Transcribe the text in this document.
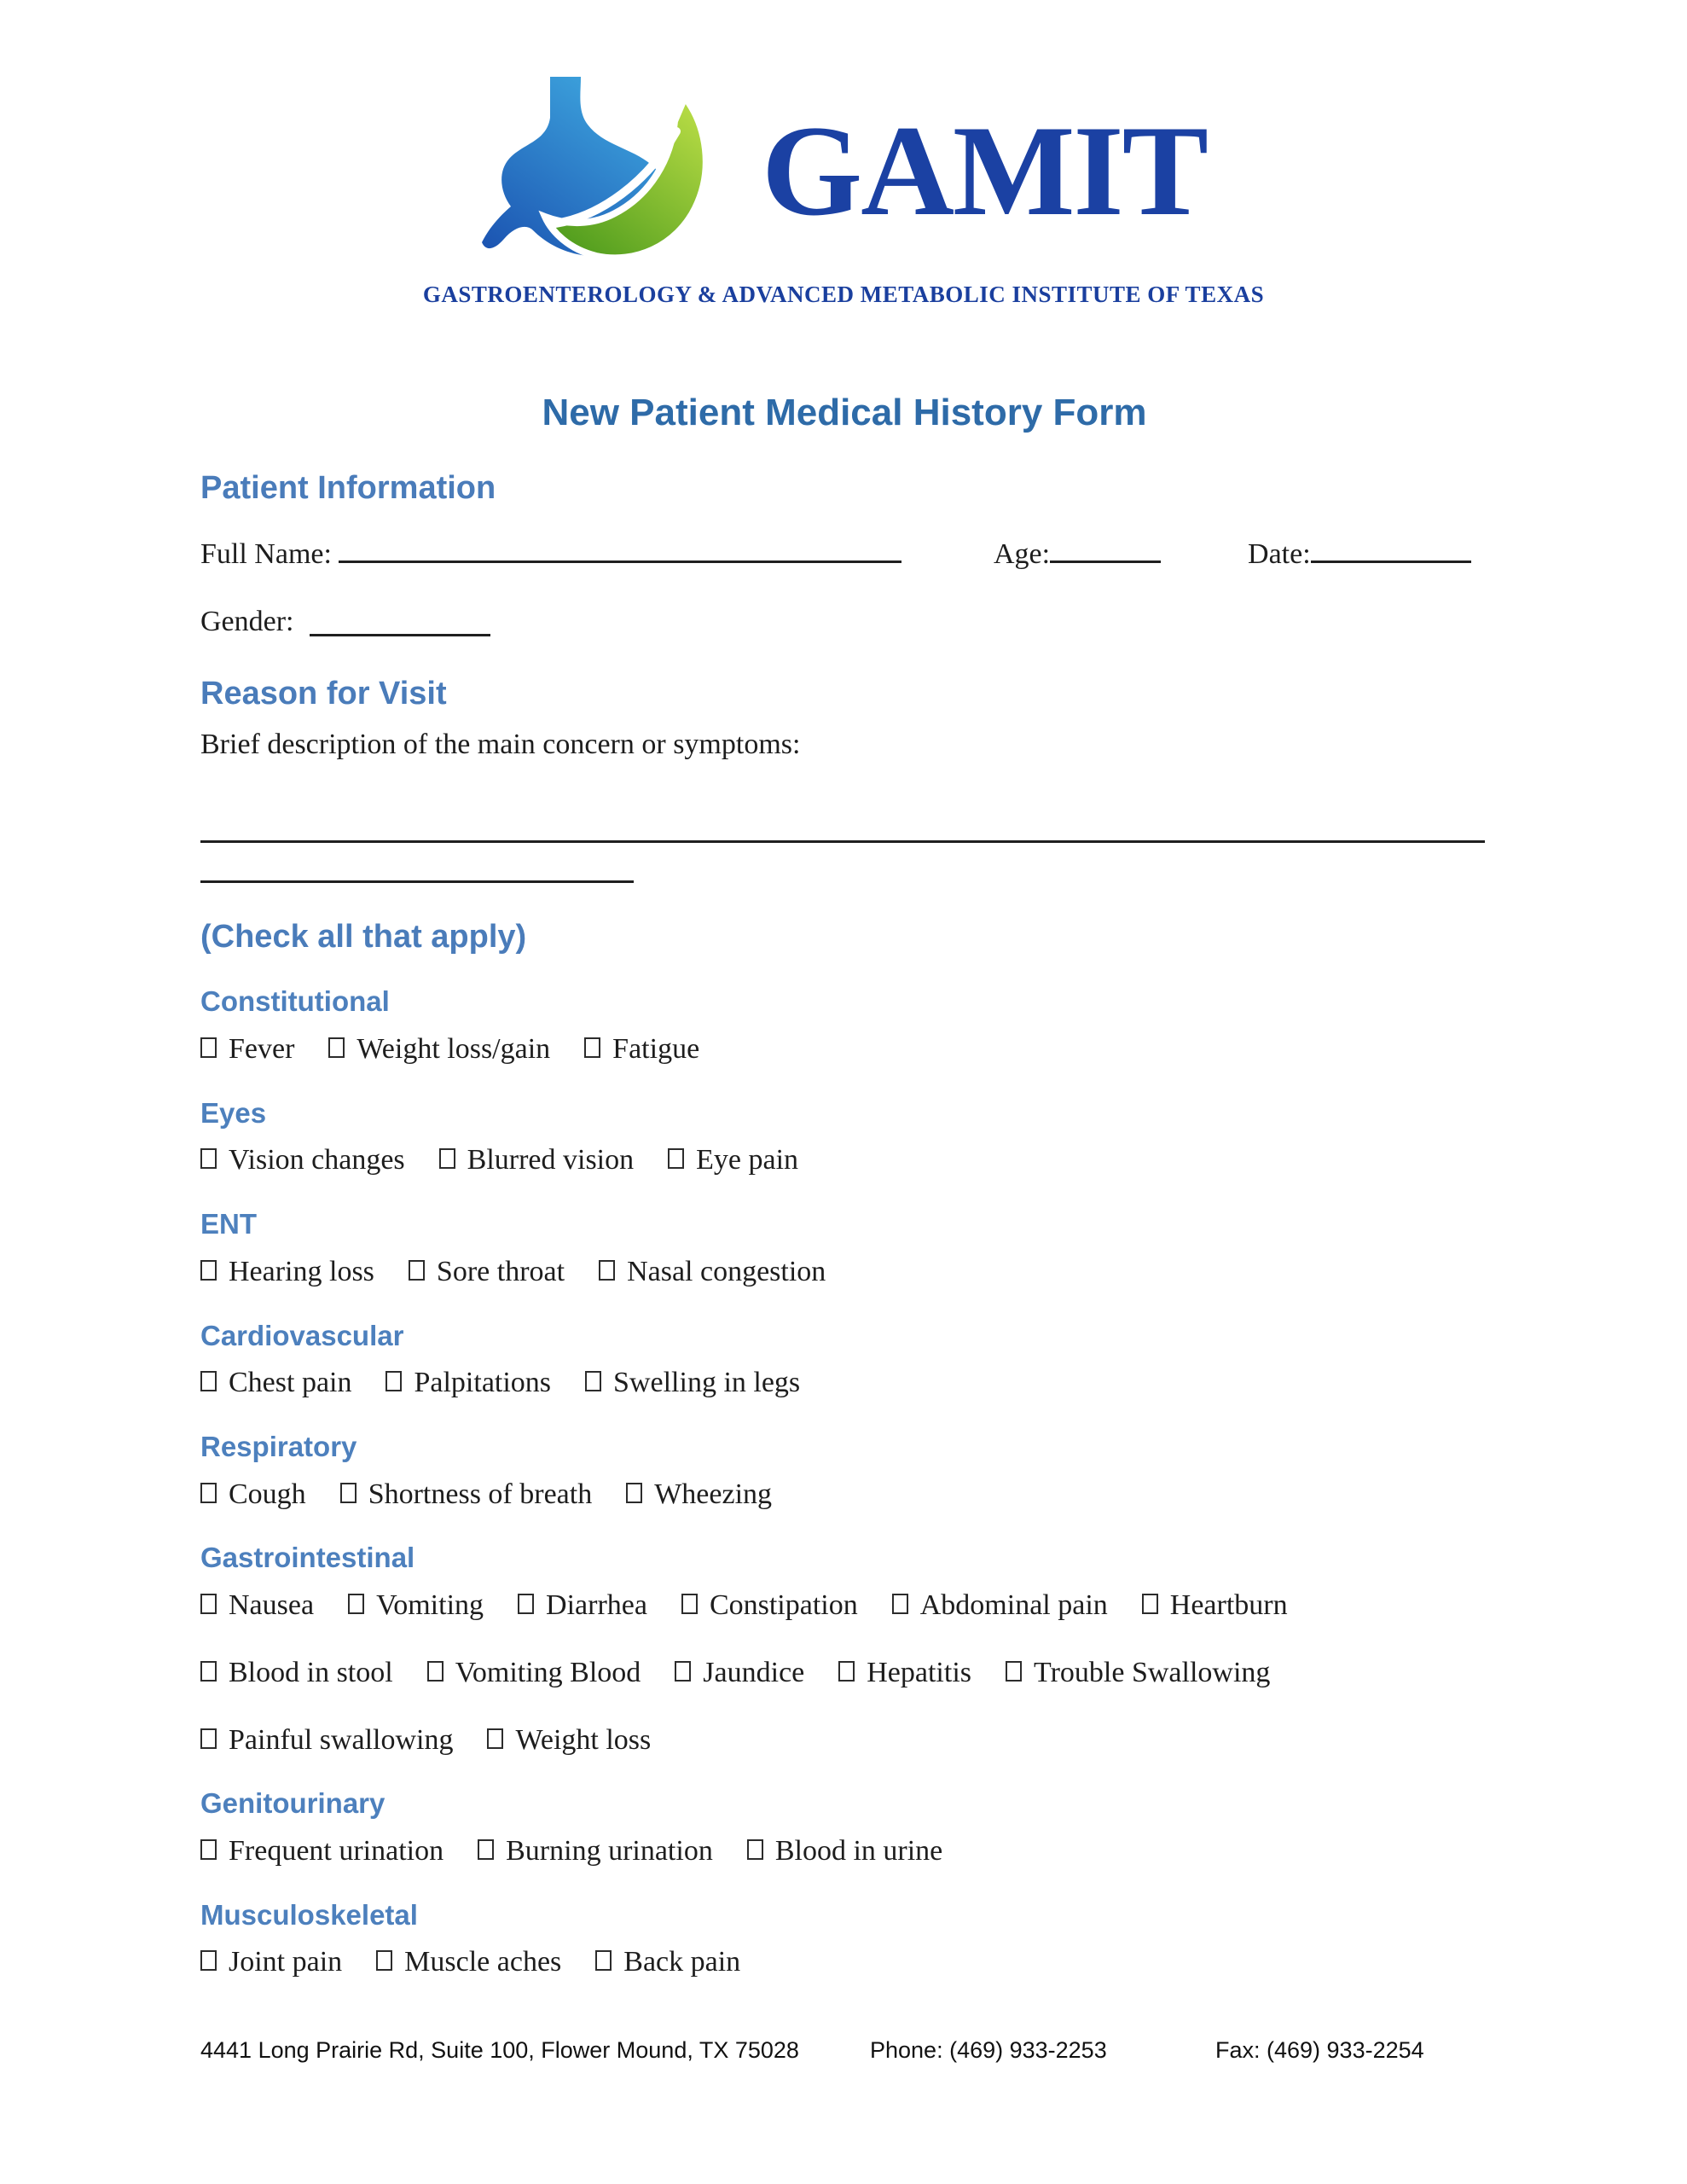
GAMIT
GASTROENTEROLOGY & ADVANCED METABOLIC INSTITUTE OF TEXAS
New Patient Medical History Form
Patient Information
Full Name:	Age:	Date:
Gender:
Reason for Visit
Brief description of the main concern or symptoms:
(Check all that apply)
Constitutional
Fever Weight loss/gain Fatigue
Eyes
Vision changes Blurred vision Eye pain
ENT
Hearing loss Sore throat Nasal congestion
Cardiovascular
Chest pain Palpitations Swelling in legs
Respiratory
Cough Shortness of breath Wheezing
Gastrointestinal
Nausea Vomiting Diarrhea Constipation Abdominal pain Heartburn
Blood in stool Vomiting Blood Jaundice Hepatitis Trouble Swallowing
Painful swallowing Weight loss
Genitourinary
Frequent urination Burning urination Blood in urine
Musculoskeletal
Joint pain Muscle aches Back pain
4441 Long Prairie Rd, Suite 100, Flower Mound, TX 75028	Phone: (469) 933-2253	Fax: (469) 933-2254
